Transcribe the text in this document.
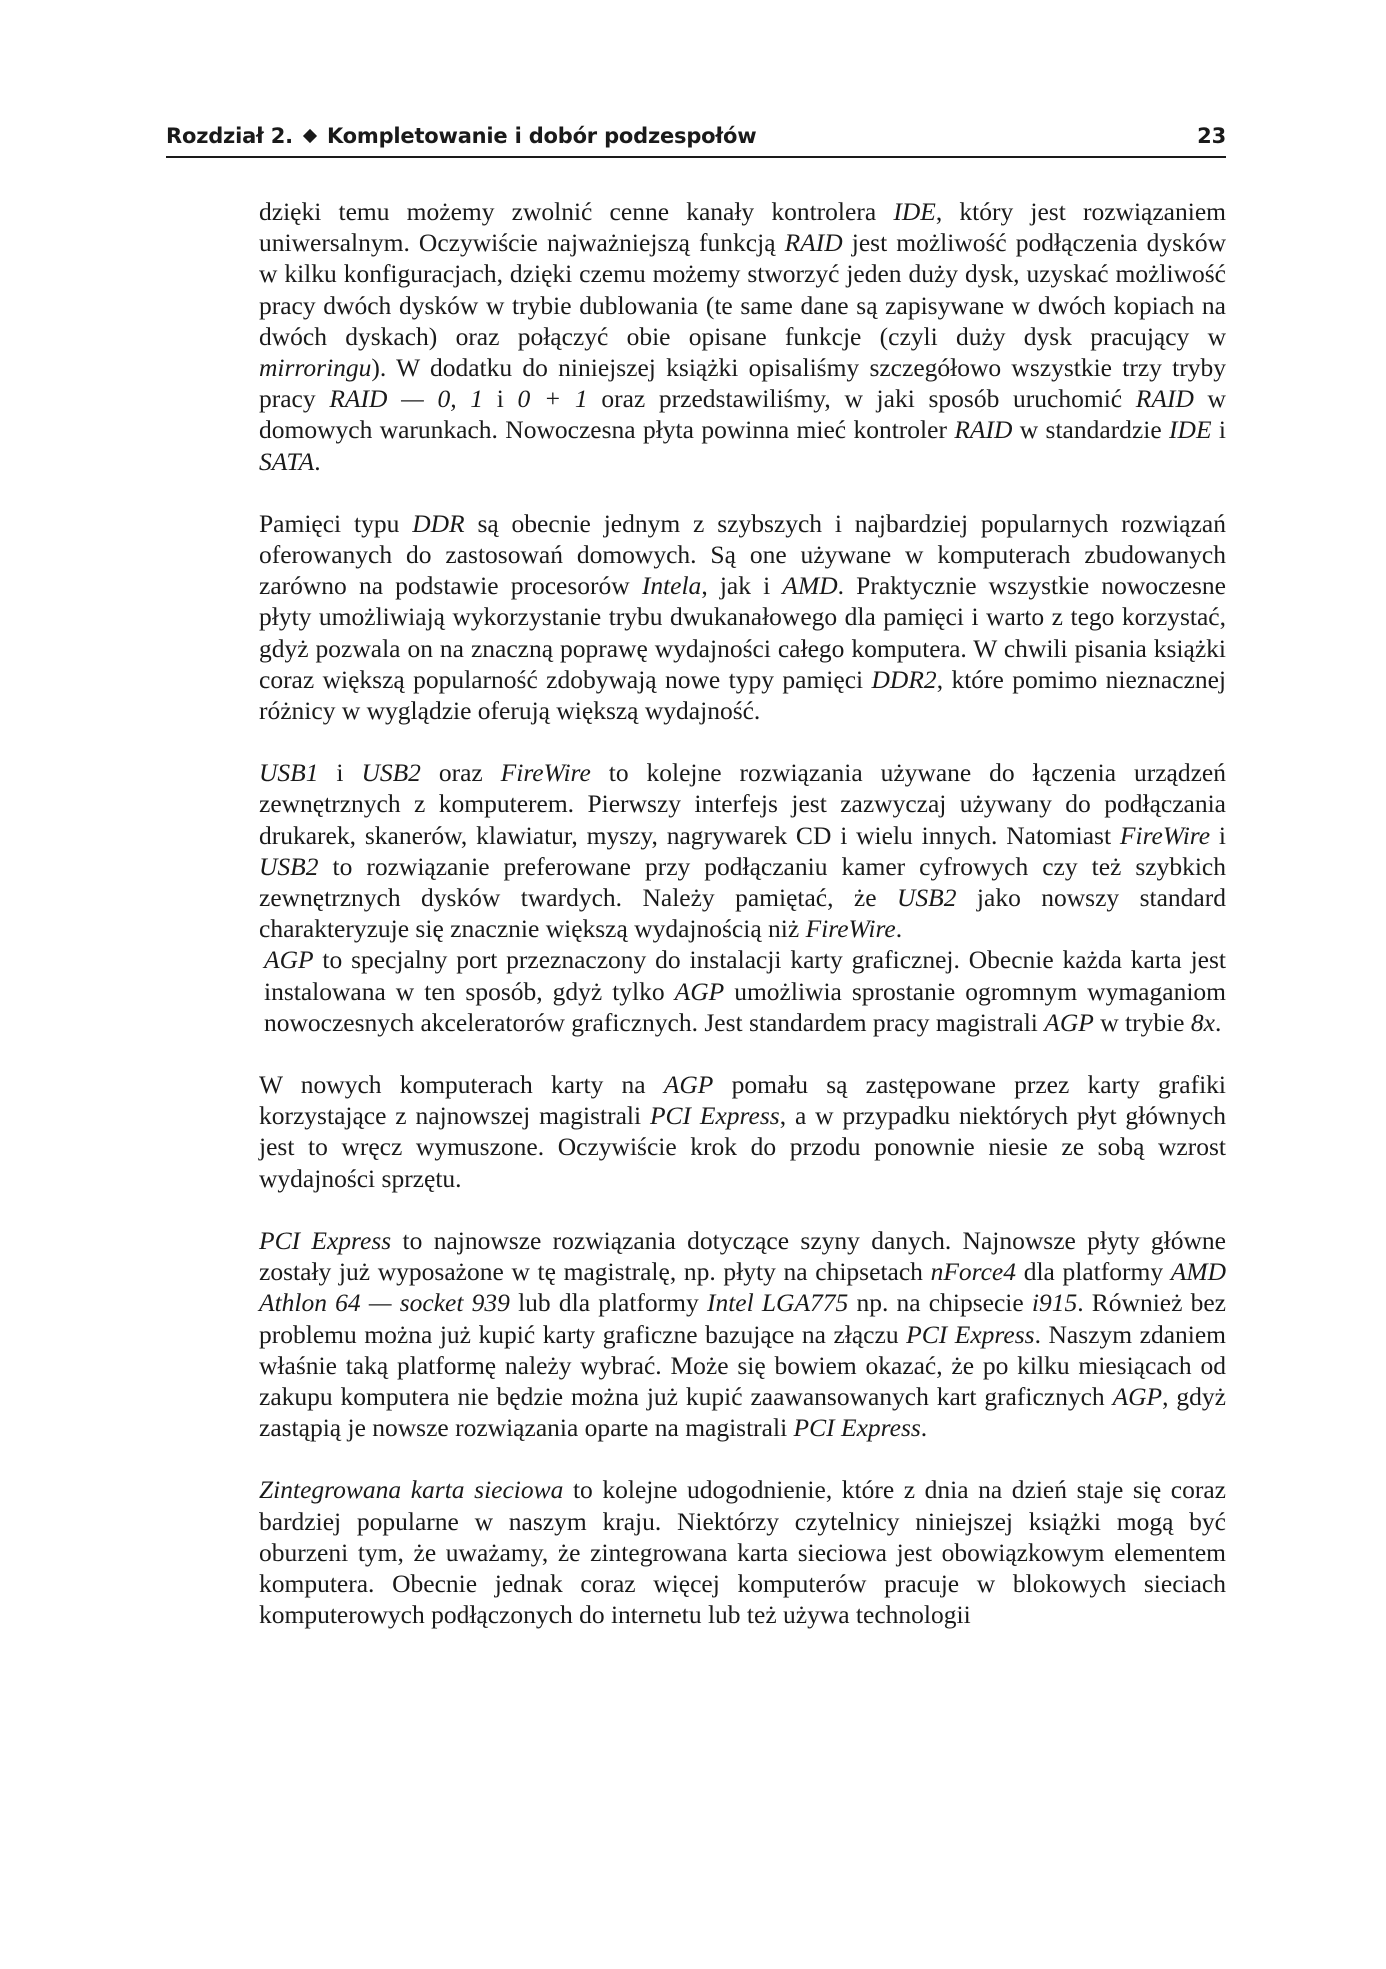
Rozdział 2. Kompletowanie i dobór podzespołów	23

dzięki temu możemy zwolnić cenne kanały kontrolera IDE, który jest rozwiązaniem uniwersalnym. Oczywiście najważniejszą funkcją RAID jest możliwość podłączenia dysków w kilku konfiguracjach, dzięki czemu możemy stworzyć jeden duży dysk, uzyskać możliwość pracy dwóch dysków w trybie dublowania (te same dane są zapisywane w dwóch kopiach na dwóch dyskach) oraz połączyć obie opisane funkcje (czyli duży dysk pracujący w mirroringu). W dodatku do niniejszej książki opisaliśmy szczegółowo wszystkie trzy tryby pracy RAID — 0, 1 i 0 + 1 oraz przedstawiliśmy, w jaki sposób uruchomić RAID w domowych warunkach. Nowoczesna płyta powinna mieć kontroler RAID w standardzie IDE i SATA.

Pamięci typu DDR są obecnie jednym z szybszych i najbardziej popularnych rozwiązań oferowanych do zastosowań domowych. Są one używane w komputerach zbudowanych zarówno na podstawie procesorów Intela, jak i AMD. Praktycznie wszystkie nowoczesne płyty umożliwiają wykorzystanie trybu dwukanałowego dla pamięci i warto z tego korzystać, gdyż pozwala on na znaczną poprawę wydajności całego komputera. W chwili pisania książki coraz większą popularność zdobywają nowe typy pamięci DDR2, które pomimo nieznacznej różnicy w wyglądzie oferują większą wydajność.

USB1 i USB2 oraz FireWire to kolejne rozwiązania używane do łączenia urządzeń zewnętrznych z komputerem. Pierwszy interfejs jest zazwyczaj używany do podłączania drukarek, skanerów, klawiatur, myszy, nagrywarek CD i wielu innych. Natomiast FireWire i USB2 to rozwiązanie preferowane przy podłączaniu kamer cyfrowych czy też szybkich zewnętrznych dysków twardych. Należy pamiętać, że USB2 jako nowszy standard charakteryzuje się znacznie większą wydajnością niż FireWire.

AGP to specjalny port przeznaczony do instalacji karty graficznej. Obecnie każda karta jest instalowana w ten sposób, gdyż tylko AGP umożliwia sprostanie ogromnym wymaganiom nowoczesnych akceleratorów graficznych. Jest standardem pracy magistrali AGP w trybie 8x.

W nowych komputerach karty na AGP pomału są zastępowane przez karty grafiki korzystające z najnowszej magistrali PCI Express, a w przypadku niektórych płyt głównych jest to wręcz wymuszone. Oczywiście krok do przodu ponownie niesie ze sobą wzrost wydajności sprzętu.

PCI Express to najnowsze rozwiązania dotyczące szyny danych. Najnowsze płyty główne zostały już wyposażone w tę magistralę, np. płyty na chipsetach nForce4 dla platformy AMD Athlon 64 — socket 939 lub dla platformy Intel LGA775 np. na chipsecie i915. Również bez problemu można już kupić karty graficzne bazujące na złączu PCI Express. Naszym zdaniem właśnie taką platformę należy wybrać. Może się bowiem okazać, że po kilku miesiącach od zakupu komputera nie będzie można już kupić zaawansowanych kart graficznych AGP, gdyż zastąpią je nowsze rozwiązania oparte na magistrali PCI Express.

Zintegrowana karta sieciowa to kolejne udogodnienie, które z dnia na dzień staje się coraz bardziej popularne w naszym kraju. Niektórzy czytelnicy niniejszej książki mogą być oburzeni tym, że uważamy, że zintegrowana karta sieciowa jest obowiązkowym elementem komputera. Obecnie jednak coraz więcej komputerów pracuje w blokowych sieciach komputerowych podłączonych do internetu lub też używa technologii
